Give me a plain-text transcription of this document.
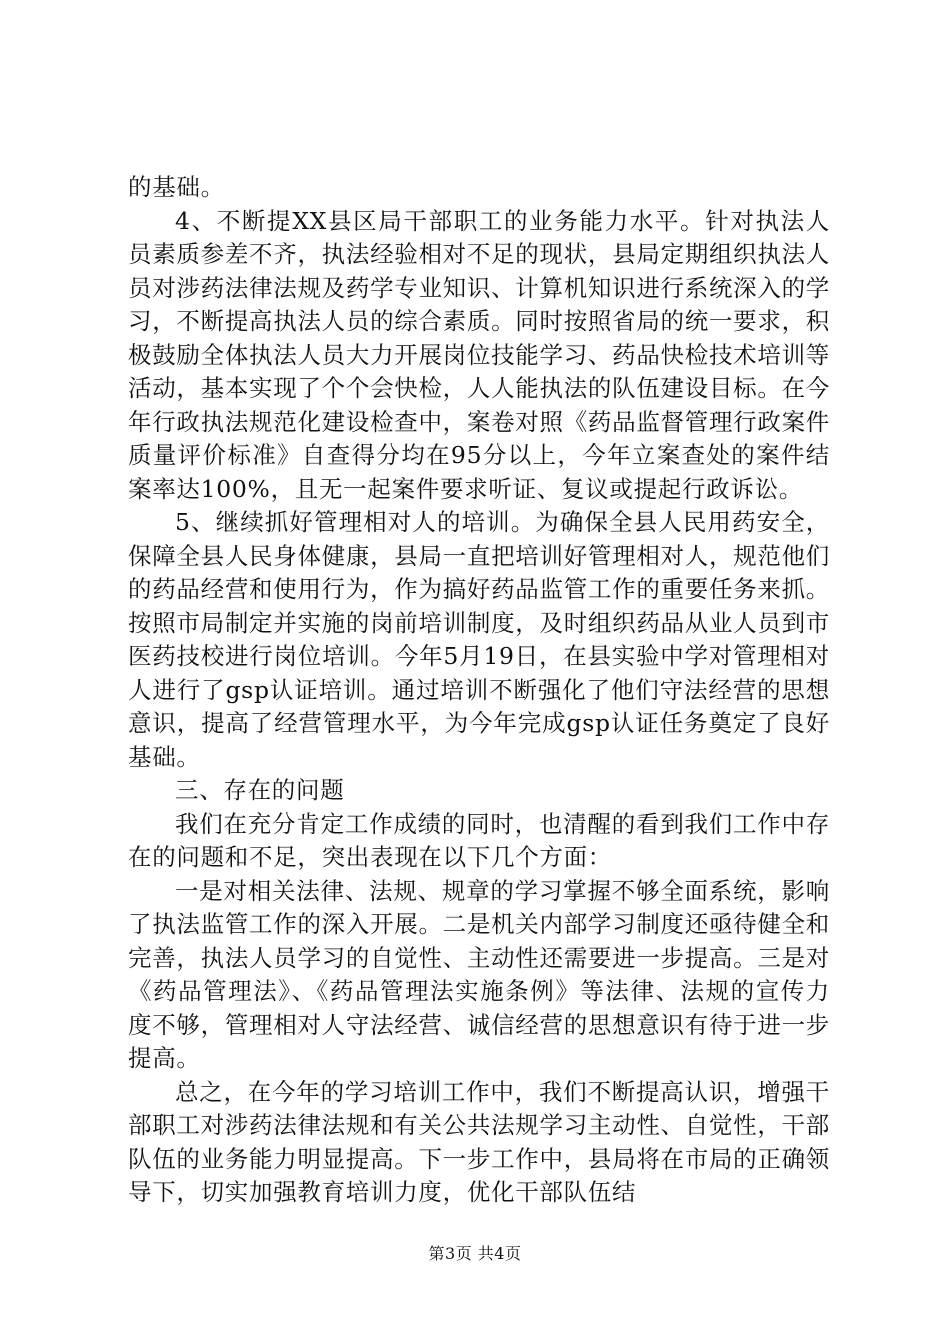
的基础。

4、不断提XX县区局干部职工的业务能力水平。针对执法人员素质参差不齐，执法经验相对不足的现状，县局定期组织执法人员对涉药法律法规及药学专业知识、计算机知识进行系统深入的学习，不断提高执法人员的综合素质。同时按照省局的统一要求，积极鼓励全体执法人员大力开展岗位技能学习、药品快检技术培训等活动，基本实现了个个会快检，人人能执法的队伍建设目标。在今年行政执法规范化建设检查中，案卷对照《药品监督管理行政案件质量评价标准》自查得分均在95分以上，今年立案查处的案件结案率达100%，且无一起案件要求听证、复议或提起行政诉讼。

5、继续抓好管理相对人的培训。为确保全县人民用药安全，保障全县人民身体健康，县局一直把培训好管理相对人，规范他们的药品经营和使用行为，作为搞好药品监管工作的重要任务来抓。按照市局制定并实施的岗前培训制度，及时组织药品从业人员到市医药技校进行岗位培训。今年5月19日，在县实验中学对管理相对人进行了gsp认证培训。通过培训不断强化了他们守法经营的思想意识，提高了经营管理水平，为今年完成gsp认证任务奠定了良好基础。

三、存在的问题

我们在充分肯定工作成绩的同时，也清醒的看到我们工作中存在的问题和不足，突出表现在以下几个方面：

一是对相关法律、法规、规章的学习掌握不够全面系统，影响了执法监管工作的深入开展。二是机关内部学习制度还亟待健全和完善，执法人员学习的自觉性、主动性还需要进一步提高。三是对《药品管理法》、《药品管理法实施条例》等法律、法规的宣传力度不够，管理相对人守法经营、诚信经营的思想意识有待于进一步提高。

总之，在今年的学习培训工作中，我们不断提高认识，增强干部职工对涉药法律法规和有关公共法规学习主动性、自觉性，干部队伍的业务能力明显提高。下一步工作中，县局将在市局的正确领导下，切实加强教育培训力度，优化干部队伍结

第3页 共4页
